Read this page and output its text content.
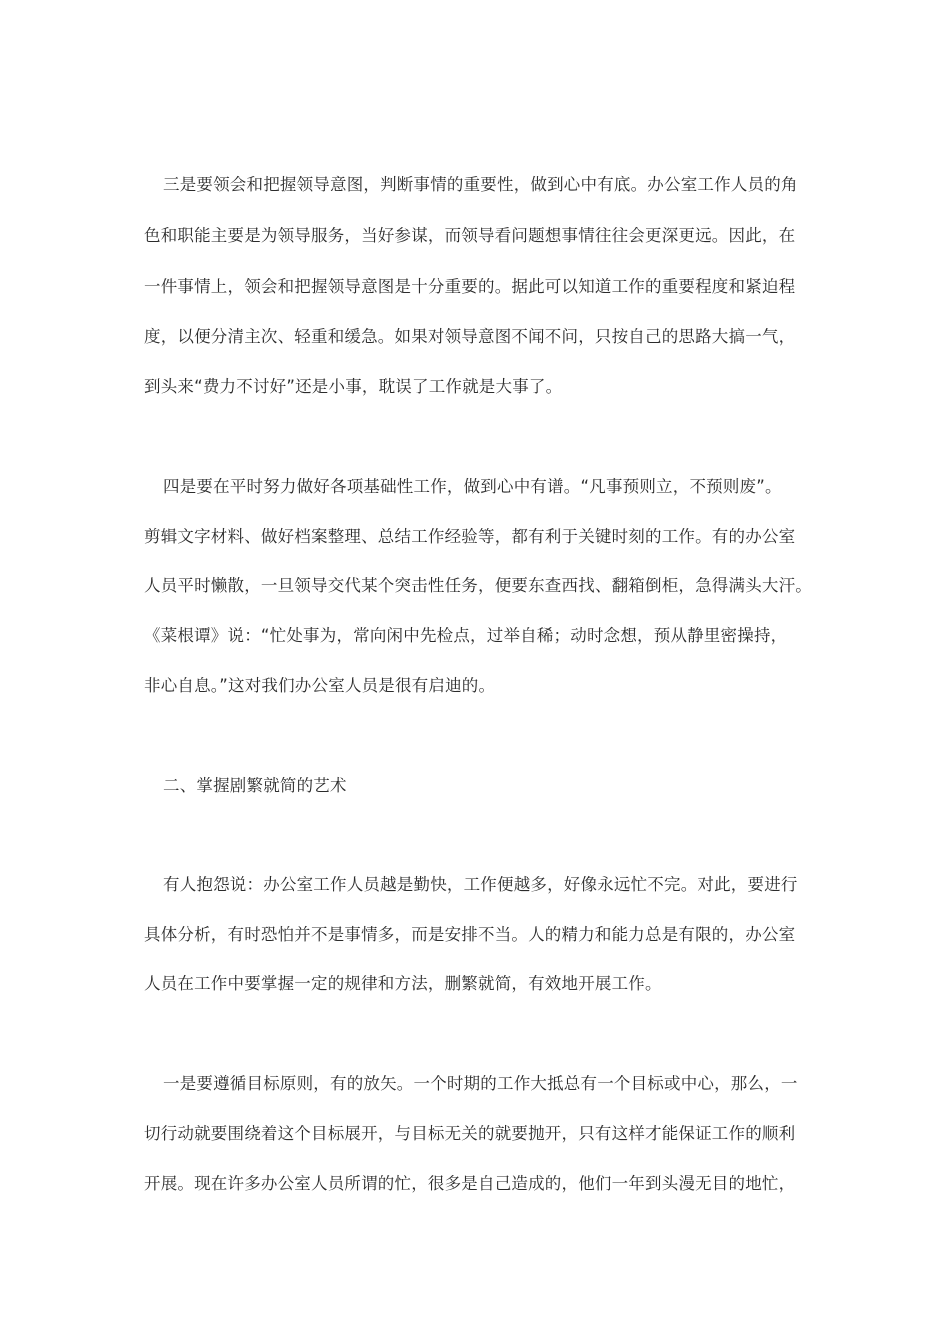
三是要领会和把握领导意图，判断事情的重要性，做到心中有底。办公室工作人员的角
色和职能主要是为领导服务，当好参谋，而领导看问题想事情往往会更深更远。因此，在
一件事情上，领会和把握领导意图是十分重要的。据此可以知道工作的重要程度和紧迫程
度，以便分清主次、轻重和缓急。如果对领导意图不闻不问，只按自己的思路大搞一气，
到头来“费力不讨好”还是小事，耽误了工作就是大事了。
四是要在平时努力做好各项基础性工作，做到心中有谱。“凡事预则立，不预则废”。
剪辑文字材料、做好档案整理、总结工作经验等，都有利于关键时刻的工作。有的办公室
人员平时懒散，一旦领导交代某个突击性任务，便要东查西找、翻箱倒柜，急得满头大汗。
《菜根谭》说：“忙处事为，常向闲中先检点，过举自稀；动时念想，预从静里密操持，
非心自息。”这对我们办公室人员是很有启迪的。
二、掌握剧繁就简的艺术
有人抱怨说：办公室工作人员越是勤快，工作便越多，好像永远忙不完。对此，要进行
具体分析，有时恐怕并不是事情多，而是安排不当。人的精力和能力总是有限的，办公室
人员在工作中要掌握一定的规律和方法，删繁就简，有效地开展工作。
一是要遵循目标原则，有的放矢。一个时期的工作大抵总有一个目标或中心，那么，一
切行动就要围绕着这个目标展开，与目标无关的就要抛开，只有这样才能保证工作的顺利
开展。现在许多办公室人员所谓的忙，很多是自己造成的，他们一年到头漫无目的地忙，
